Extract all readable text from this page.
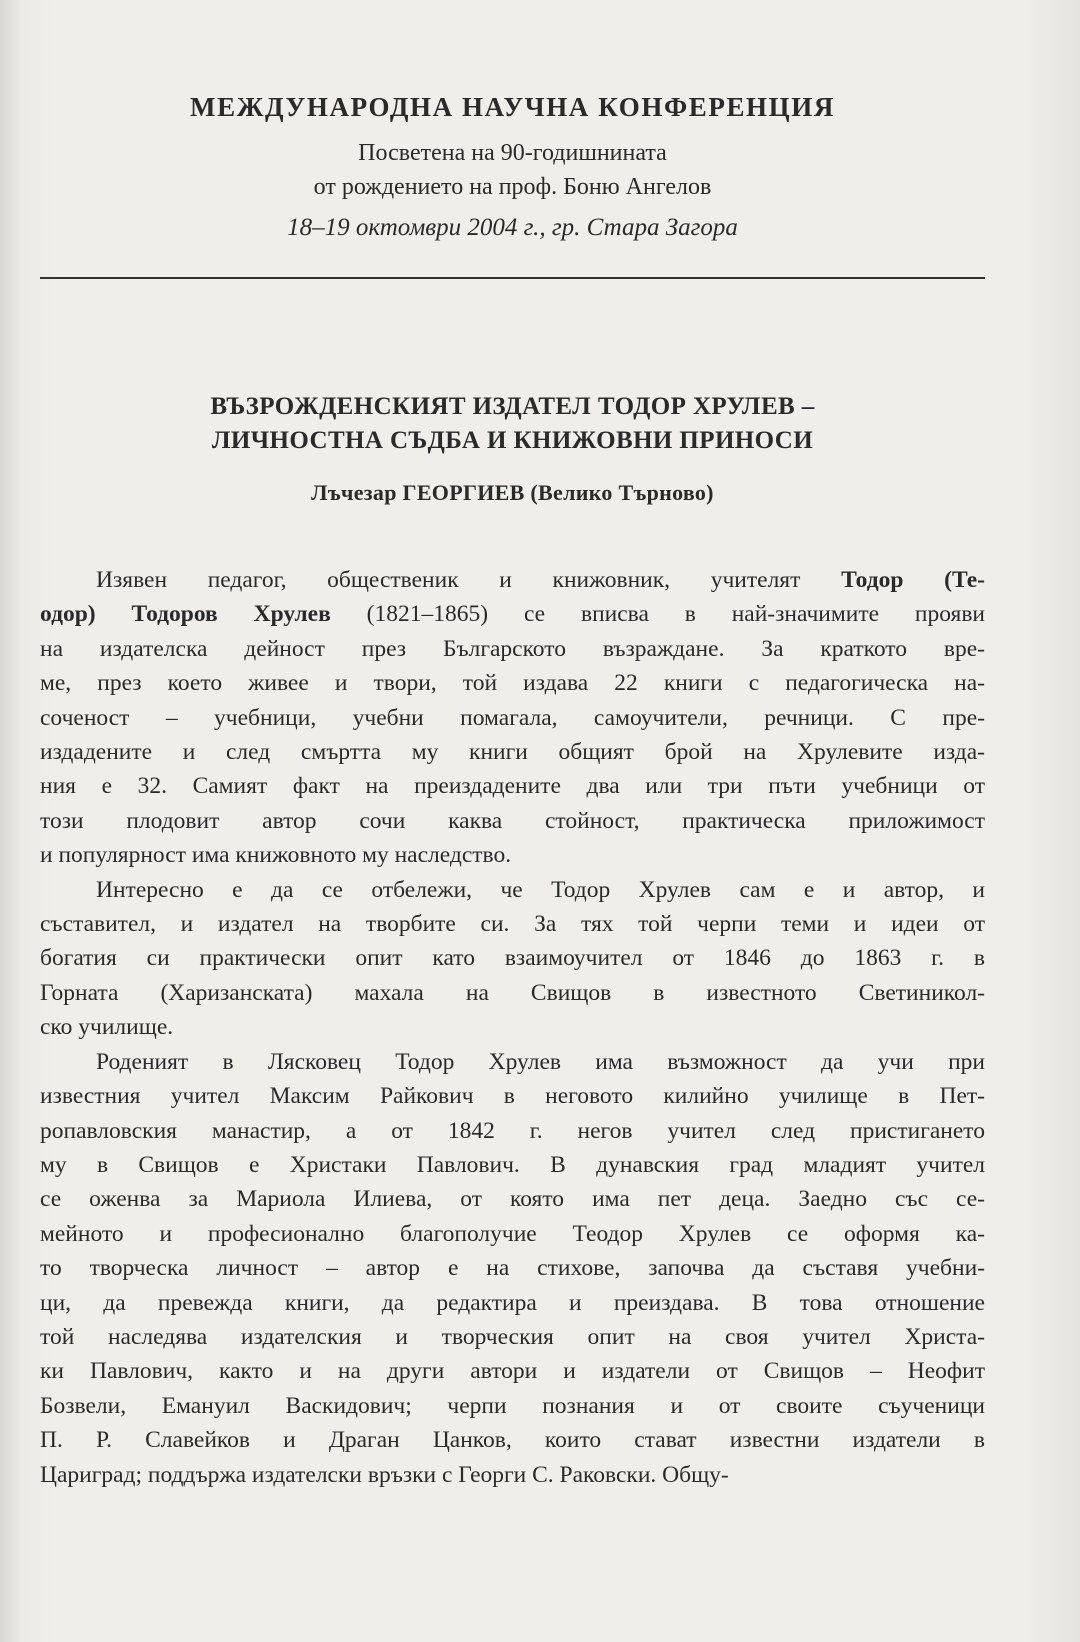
МЕЖДУНАРОДНА НАУЧНА КОНФЕРЕНЦИЯ
Посветена на 90-годишнината
от рождението на проф. Боню Ангелов
18–19 октомври 2004 г., гр. Стара Загора
ВЪЗРОЖДЕНСКИЯТ ИЗДАТЕЛ ТОДОР ХРУЛЕВ –
ЛИЧНОСТНА СЪДБА И КНИЖОВНИ ПРИНОСИ
Лъчезар ГЕОРГИЕВ (Велико Търново)
Изявен педагог, общественик и книжовник, учителят Тодор (Те-
одор) Тодоров Хрулев (1821–1865) се вписва в най-значимите прояви
на издателска дейност през Българското възраждане. За краткото вре-
ме, през което живее и твори, той издава 22 книги с педагогическа на-
соченост – учебници, учебни помагала, самоучители, речници. С пре-
издадените и след смъртта му книги общият брой на Хрулевите изда-
ния е 32. Самият факт на преиздадените два или три пъти учебници от
този плодовит автор сочи каква стойност, практическа приложимост
и популярност има книжовното му наследство.
Интересно е да се отбележи, че Тодор Хрулев сам е и автор, и
съставител, и издател на творбите си. За тях той черпи теми и идеи от
богатия си практически опит като взаимоучител от 1846 до 1863 г. в
Горната (Харизанската) махала на Свищов в известното Светиникол-
ско училище.
Роденият в Лясковец Тодор Хрулев има възможност да учи при
известния учител Максим Райкович в неговото килийно училище в Пет-
ропавловския манастир, а от 1842 г. негов учител след пристигането
му в Свищов е Христаки Павлович. В дунавския град младият учител
се оженва за Мариола Илиева, от която има пет деца. Заедно със се-
мейното и професионално благополучие Теодор Хрулев се оформя ка-
то творческа личност – автор е на стихове, започва да съставя учебни-
ци, да превежда книги, да редактира и преиздава. В това отношение
той наследява издателския и творческия опит на своя учител Христа-
ки Павлович, както и на други автори и издатели от Свищов – Неофит
Бозвели, Емануил Васкидович; черпи познания и от своите съученици
П. Р. Славейков и Драган Цанков, които стават известни издатели в
Цариград; поддържа издателски връзки с Георги С. Раковски. Общу-
